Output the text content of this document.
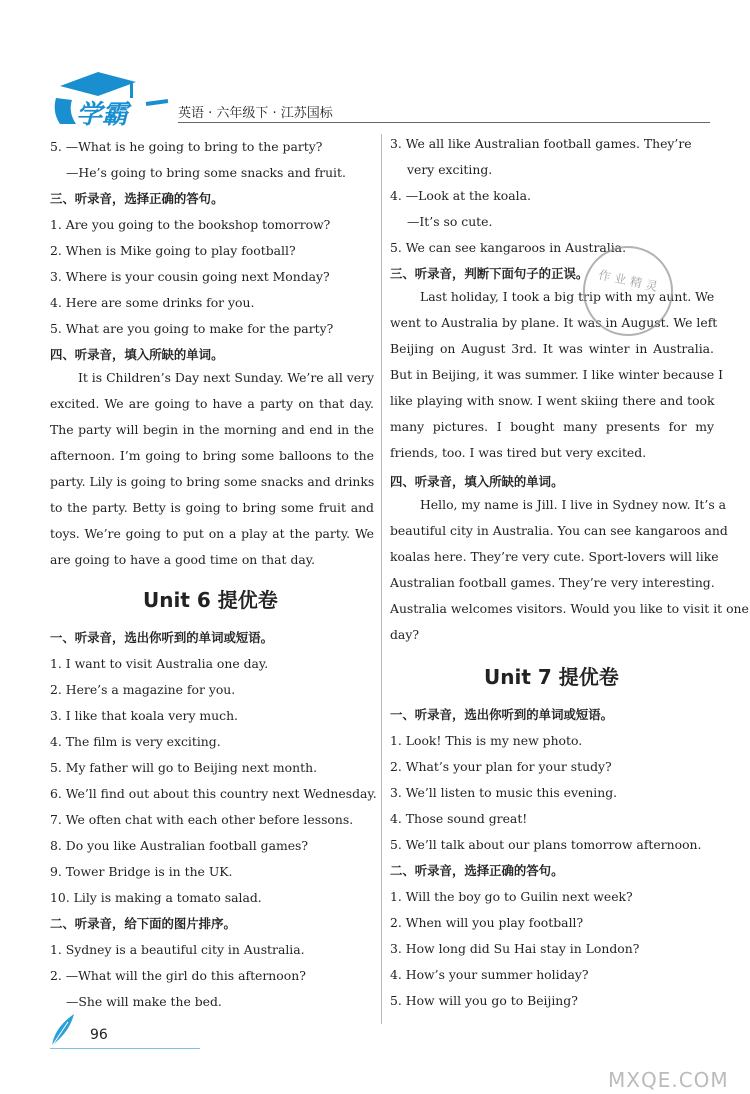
学霸	英语 · 六年级下 · 江苏国标
5. —What is he going to bring to the party?
—He’s going to bring some snacks and fruit.
三、听录音，选择正确的答句。
1. Are you going to the bookshop tomorrow?
2. When is Mike going to play football?
3. Where is your cousin going next Monday?
4. Here are some drinks for you.
5. What are you going to make for the party?
四、听录音，填入所缺的单词。
It is Children’s Day next Sunday. We’re all very
excited. We are going to have a party on that day.
The party will begin in the morning and end in the
afternoon. I’m going to bring some balloons to the
party. Lily is going to bring some snacks and drinks
to the party. Betty is going to bring some fruit and
toys. We’re going to put on a play at the party. We
are going to have a good time on that day.
Unit 6 提优卷
一、听录音，选出你听到的单词或短语。
1. I want to visit Australia one day.
2. Here’s a magazine for you.
3. I like that koala very much.
4. The film is very exciting.
5. My father will go to Beijing next month.
6. We’ll find out about this country next Wednesday.
7. We often chat with each other before lessons.
8. Do you like Australian football games?
9. Tower Bridge is in the UK.
10. Lily is making a tomato salad.
二、听录音，给下面的图片排序。
1. Sydney is a beautiful city in Australia.
2. —What will the girl do this afternoon?
—She will make the bed.
96
3. We all like Australian football games. They’re
very exciting.
4. —Look at the koala.
—It’s so cute.
5. We can see kangaroos in Australia.
三、听录音，判断下面句子的正误。
Last holiday, I took a big trip with my aunt. We
went to Australia by plane. It was in August. We left
Beijing on August 3rd. It was winter in Australia.
But in Beijing, it was summer. I like winter because I
like playing with snow. I went skiing there and took
many pictures. I bought many presents for my
friends, too. I was tired but very excited.
四、听录音，填入所缺的单词。
Hello, my name is Jill. I live in Sydney now. It’s a
beautiful city in Australia. You can see kangaroos and
koalas here. They’re very cute. Sport-lovers will like
Australian football games. They’re very interesting.
Australia welcomes visitors. Would you like to visit it one
day?
Unit 7 提优卷
一、听录音，选出你听到的单词或短语。
1. Look! This is my new photo.
2. What’s your plan for your study?
3. We’ll listen to music this evening.
4. Those sound great!
5. We’ll talk about our plans tomorrow afternoon.
二、听录音，选择正确的答句。
1. Will the boy go to Guilin next week?
2. When will you play football?
3. How long did Su Hai stay in London?
4. How’s your summer holiday?
5. How will you go to Beijing?
作业精灵
MXQE.COM
